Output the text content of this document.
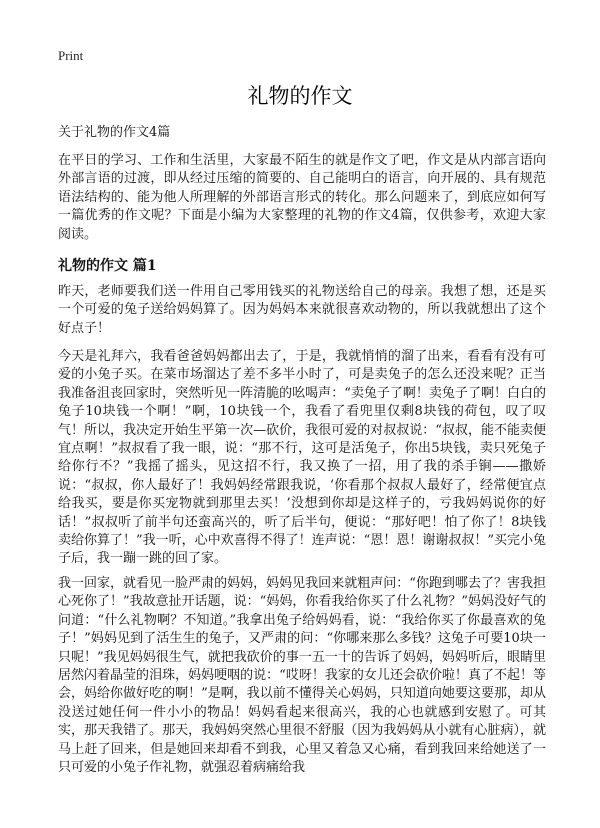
Print
礼物的作文
关于礼物的作文4篇

在平日的学习、工作和生活里，大家最不陌生的就是作文了吧，作文是从内部言语向外部言语的过渡，即从经过压缩的简要的、自己能明白的语言，向开展的、具有规范语法结构的、能为他人所理解的外部语言形式的转化。那么问题来了，到底应如何写一篇优秀的作文呢？下面是小编为大家整理的礼物的作文4篇，仅供参考，欢迎大家阅读。

礼物的作文 篇1

昨天，老师要我们送一件用自己零用钱买的礼物送给自己的母亲。我想了想，还是买一个可爱的兔子送给妈妈算了。因为妈妈本来就很喜欢动物的，所以我就想出了这个好点子！

今天是礼拜六，我看爸爸妈妈都出去了，于是，我就悄悄的溜了出来，看看有没有可爱的小兔子买。在菜市场溜达了差不多半小时了，可是卖兔子的怎么还没来呢？正当我准备沮丧回家时，突然听见一阵清脆的吆喝声：“卖兔子了啊！卖兔子了啊！白白的兔子10块钱一个啊！”啊，10块钱一个，我看了看兜里仅剩8块钱的荷包，叹了叹气！所以，我决定开始生平第一次—砍价，我很可爱的对叔叔说：“叔叔，能不能卖便宜点啊！”叔叔看了我一眼，说：“那不行，这可是活兔子，你出5块钱，卖只死兔子给你行不？”我摇了摇头，见这招不行，我又换了一招，用了我的杀手锏——撒娇说：“叔叔，你人最好了！我妈妈经常跟我说，‘你看那个叔叔人最好了，经常便宜点给我买，要是你买宠物就到那里去买！’没想到你却是这样子的，亏我妈妈说你的好话！”叔叔听了前半句还蛮高兴的，听了后半句，便说：“那好吧！怕了你了！8块钱卖给你算了！”我一听，心中欢喜得不得了！连声说：“恩！恩！谢谢叔叔！”买完小兔子后，我一蹦一跳的回了家。

我一回家，就看见一脸严肃的妈妈，妈妈见我回来就粗声问：“你跑到哪去了？害我担心死你了！”我故意扯开话题，说：“妈妈，你看我给你买了什么礼物？”妈妈没好气的问道：“什么礼物啊？不知道。”我拿出兔子给妈妈看，说：“我给你买了你最喜欢的兔子！”妈妈见到了活生生的兔子，又严肃的问：“你哪来那么多钱？这兔子可要10块一只呢！”我见妈妈很生气，就把我砍价的事一五一十的告诉了妈妈，妈妈听后，眼睛里居然闪着晶莹的泪珠，妈妈哽咽的说：“哎呀！我家的女儿还会砍价啦！真了不起！等会，妈给你做好吃的啊！”是啊，我以前不懂得关心妈妈，只知道向她要这要那，却从没送过她任何一件小小的物品！妈妈看起来很高兴，我的心也就感到安慰了。可其实，那天我错了。那天，我妈妈突然心里很不舒服（因为我妈妈从小就有心脏病），就马上赶了回来，但是她回来却看不到我，心里又着急又心痛，看到我回来给她送了一只可爱的小兔子作礼物，就强忍着病痛给我
